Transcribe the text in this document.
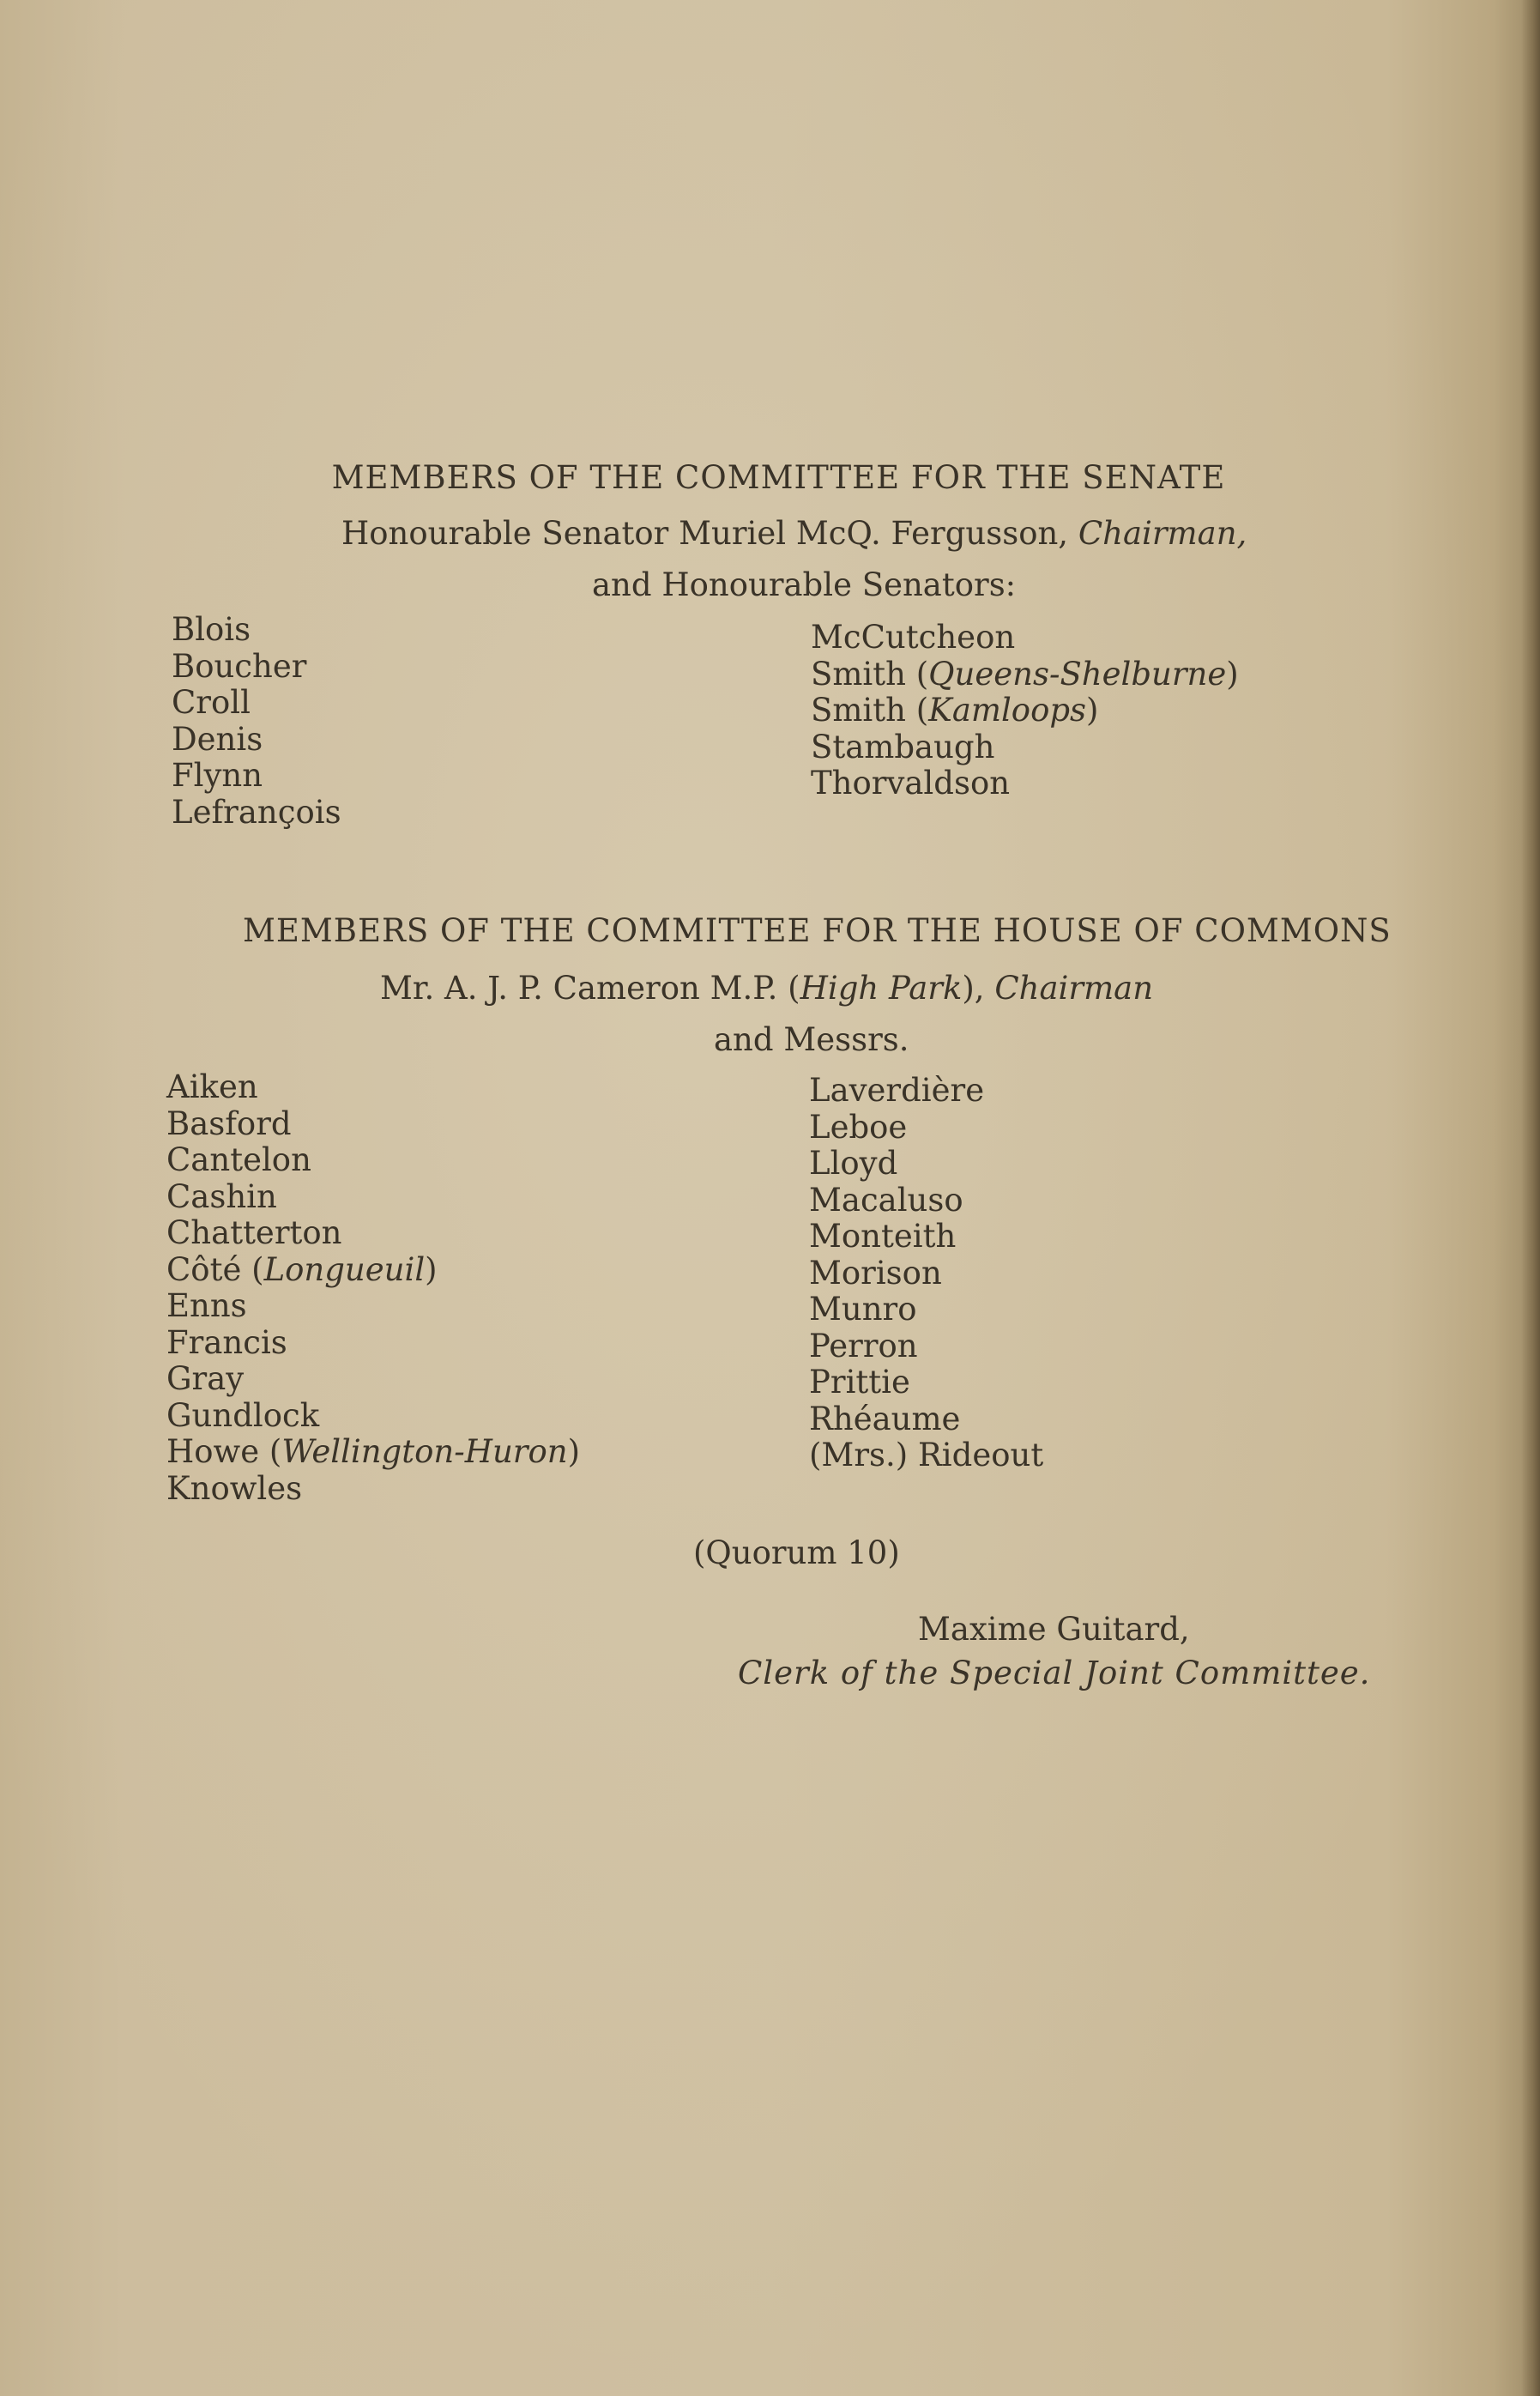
MEMBERS OF THE COMMITTEE FOR THE SENATE
Honourable Senator Muriel McQ. Fergusson, Chairman,
and Honourable Senators:
Blois
Boucher
Croll
Denis
Flynn
Lefrançois
McCutcheon
Smith (Queens-Shelburne)
Smith (Kamloops)
Stambaugh
Thorvaldson
MEMBERS OF THE COMMITTEE FOR THE HOUSE OF COMMONS
Mr. A. J. P. Cameron M.P. (High Park), Chairman
and Messrs.
Aiken
Basford
Cantelon
Cashin
Chatterton
Côté (Longueuil)
Enns
Francis
Gray
Gundlock
Howe (Wellington-Huron)
Knowles
Laverdière
Leboe
Lloyd
Macaluso
Monteith
Morison
Munro
Perron
Prittie
Rhéaume
(Mrs.) Rideout
(Quorum 10)
Maxime Guitard,
Clerk of the Special Joint Committee.
